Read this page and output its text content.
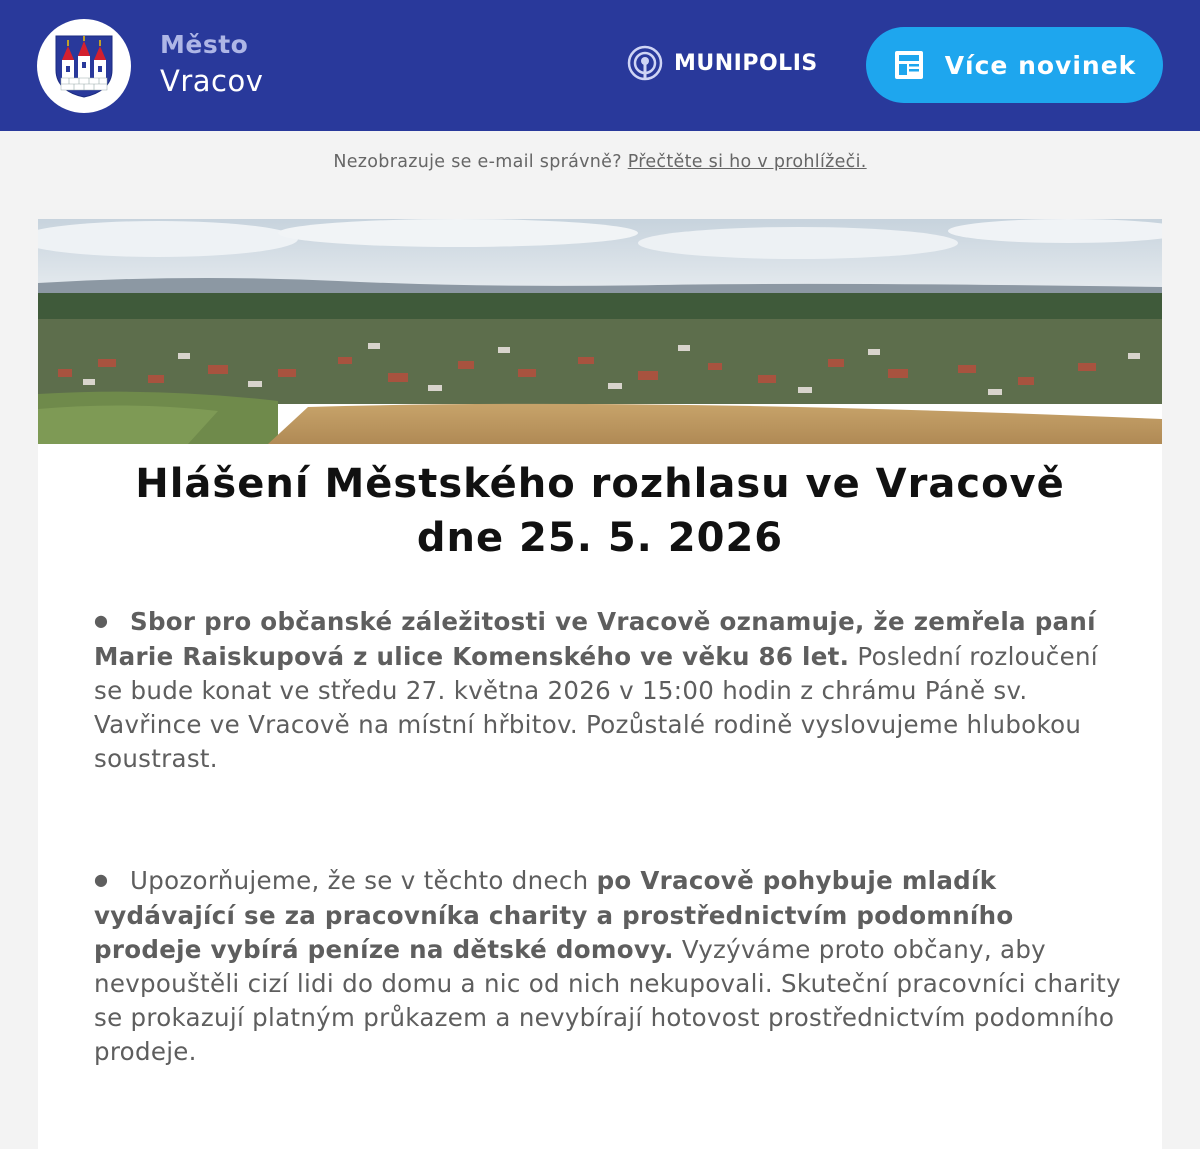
Město
Vracov
MUNIPOLIS	Více novinek
Nezobrazuje se e-mail správně? Přečtěte si ho v prohlížeči.
Hlášení Městského rozhlasu ve Vracově
dne 25. 5. 2026
● Sbor pro občanské záležitosti ve Vracově oznamuje, že zemřela paní Marie Raiskupová z ulice Komenského ve věku 86 let. Poslední rozloučení se bude konat ve středu 27. května 2026 v 15:00 hodin z chrámu Páně sv. Vavřince ve Vracově na místní hřbitov. Pozůstalé rodině vyslovujeme hlubokou soustrast.
● Upozorňujeme, že se v těchto dnech po Vracově pohybuje mladík vydávající se za pracovníka charity a prostřednictvím podomního prodeje vybírá peníze na dětské domovy. Vyzýváme proto občany, aby nevpouštěli cizí lidi do domu a nic od nich nekupovali. Skuteční pracovníci charity se prokazují platným průkazem a nevybírají hotovost prostřednictvím podomního prodeje.
